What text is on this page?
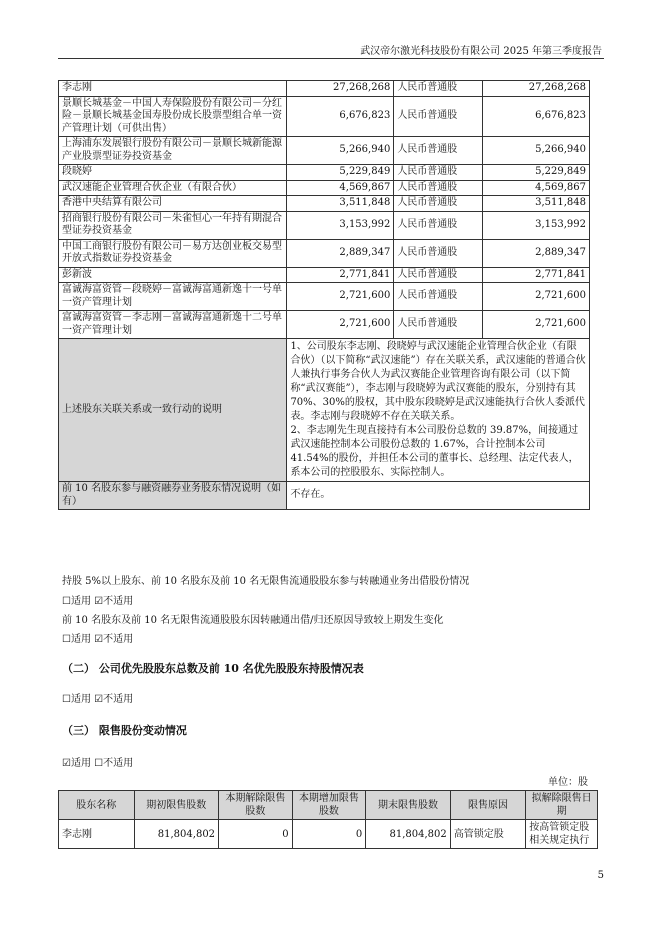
武汉帝尔激光科技股份有限公司 2025 年第三季度报告
李志刚	27,268,268	人民币普通股	27,268,268
景顺长城基金－中国人寿保险股份有限公司－分红险－景顺长城基金国寿股份成长股票型组合单一资产管理计划（可供出售）	6,676,823	人民币普通股	6,676,823
上海浦东发展银行股份有限公司－景顺长城新能源产业股票型证券投资基金	5,266,940	人民币普通股	5,266,940
段晓婷	5,229,849	人民币普通股	5,229,849
武汉速能企业管理合伙企业（有限合伙）	4,569,867	人民币普通股	4,569,867
香港中央结算有限公司	3,511,848	人民币普通股	3,511,848
招商银行股份有限公司－朱雀恒心一年持有期混合型证券投资基金	3,153,992	人民币普通股	3,153,992
中国工商银行股份有限公司－易方达创业板交易型开放式指数证券投资基金	2,889,347	人民币普通股	2,889,347
彭新波	2,771,841	人民币普通股	2,771,841
富诚海富资管－段晓婷－富诚海富通新逸十一号单一资产管理计划	2,721,600	人民币普通股	2,721,600
富诚海富资管－李志刚－富诚海富通新逸十二号单一资产管理计划	2,721,600	人民币普通股	2,721,600
上述股东关联关系或一致行动的说明	1、公司股东李志刚、段晓婷与武汉速能企业管理合伙企业（有限合伙）（以下简称“武汉速能”）存在关联关系，武汉速能的普通合伙人兼执行事务合伙人为武汉赛能企业管理咨询有限公司（以下简称“武汉赛能”），李志刚与段晓婷为武汉赛能的股东，分别持有其70%、30%的股权，其中股东段晓婷是武汉速能执行合伙人委派代表。李志刚与段晓婷不存在关联关系。
2、李志刚先生现直接持有本公司股份总数的 39.87%，间接通过武汉速能控制本公司股份总数的 1.67%，合计控制本公司 41.54%的股份，并担任本公司的董事长、总经理、法定代表人，系本公司的控股股东、实际控制人。		

前 10 名股东参与融资融券业务股东情况说明（如有）	不存在。		
持股 5%以上股东、前 10 名股东及前 10 名无限售流通股股东参与转融通业务出借股份情况
☐适用 ☑不适用
前 10 名股东及前 10 名无限售流通股股东因转融通出借/归还原因导致较上期发生变化
☐适用 ☑不适用
（二） 公司优先股股东总数及前 10 名优先股股东持股情况表
☐适用 ☑不适用
（三） 限售股份变动情况
☑适用 ☐不适用
单位：股
股东名称	期初限售股数	本期解除限售股数	本期增加限售股数	期末限售股数	限售原因	拟解除限售日期
李志刚	81,804,802	0	0	81,804,802	高管锁定股	按高管锁定股相关规定执行
5
